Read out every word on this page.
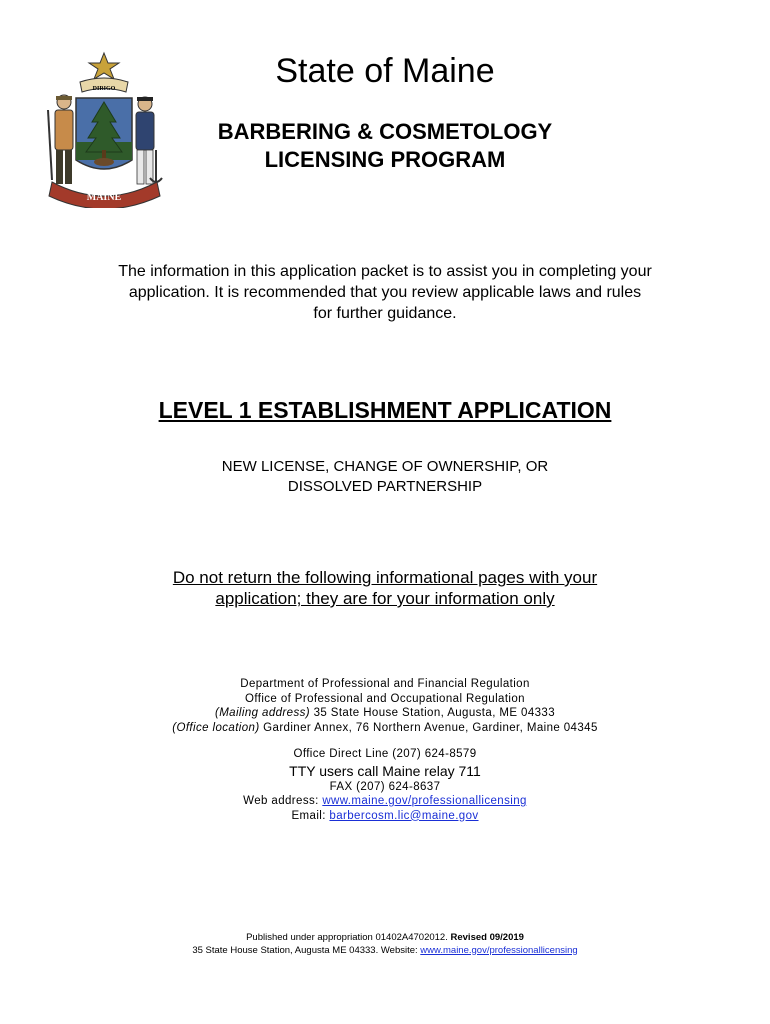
DIRIGO
MAINE
State of Maine
BARBERING & COSMETOLOGY
LICENSING PROGRAM
The information in this application packet is to assist you in completing your
application. It is recommended that you review applicable laws and rules
for further guidance.
LEVEL 1 ESTABLISHMENT APPLICATION
NEW LICENSE, CHANGE OF OWNERSHIP, OR
DISSOLVED PARTNERSHIP
Do not return the following informational pages with your
application; they are for your information only
Department of Professional and Financial Regulation
Office of Professional and Occupational Regulation
(Mailing address) 35 State House Station, Augusta, ME 04333
(Office location) Gardiner Annex, 76 Northern Avenue, Gardiner, Maine 04345
Office Direct Line (207) 624-8579
TTY users call Maine relay 711
FAX (207) 624-8637
Web address: www.maine.gov/professionallicensing
Email: barbercosm.lic@maine.gov
Published under appropriation 01402A4702012. Revised 09/2019
35 State House Station, Augusta ME 04333. Website: www.maine.gov/professionallicensing
